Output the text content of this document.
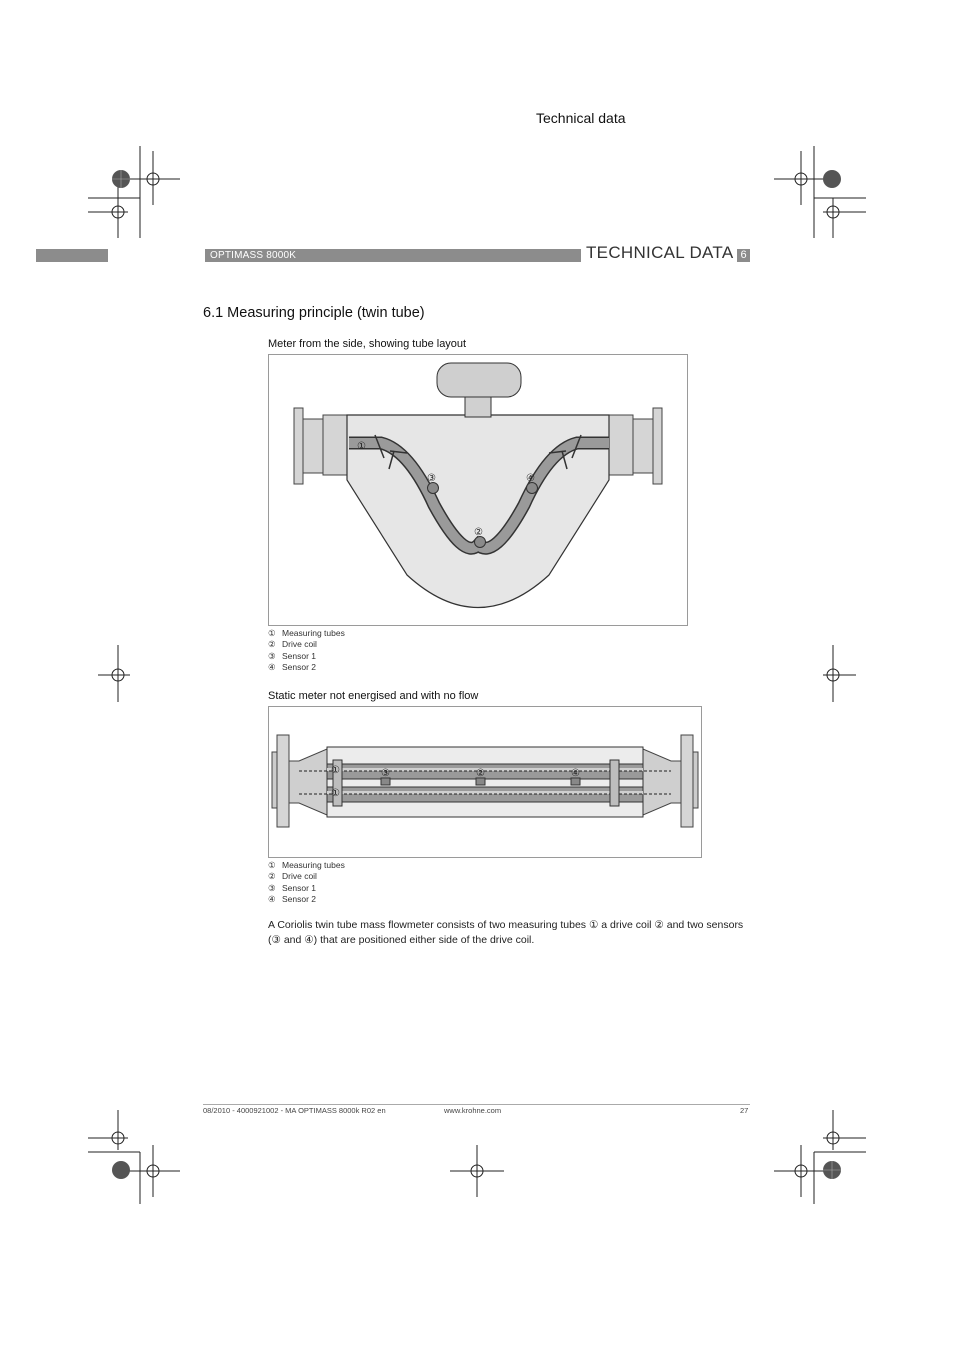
Technical data
OPTIMASS 8000K	TECHNICAL DATA 6
6.1 Measuring principle (twin tube)
Meter from the side, showing tube layout
①
③	④
②
① Measuring tubes
② Drive coil
③ Sensor 1
④ Sensor 2
Static meter not energised and with no flow
①
①
③	②	④
① Measuring tubes
② Drive coil
③ Sensor 1
④ Sensor 2
A Coriolis twin tube mass flowmeter consists of two measuring tubes ① a drive coil ② and two sensors (③ and ④) that are positioned either side of the drive coil.
08/2010 - 4000921002 - MA OPTIMASS 8000k R02 en	www.krohne.com	27
